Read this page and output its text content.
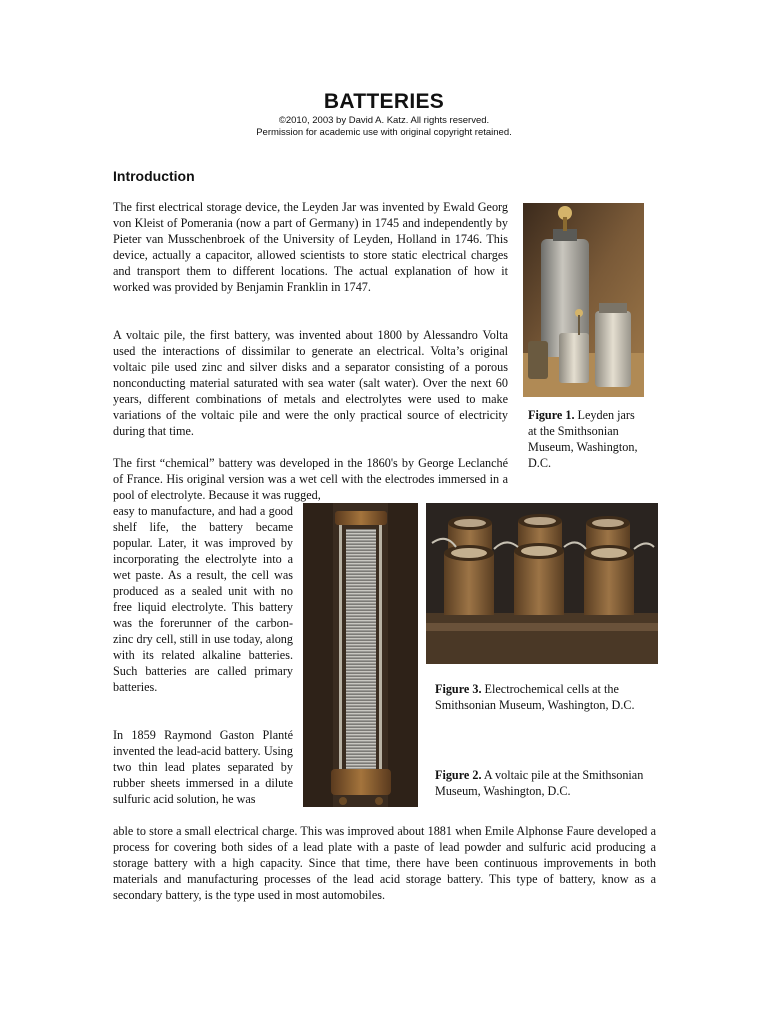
BATTERIES
©2010, 2003 by David A. Katz. All rights reserved.
Permission for academic use with original copyright retained.
Introduction

The first electrical storage device, the Leyden Jar was invented by Ewald Georg von Kleist of Pomerania (now a part of Germany) in 1745 and independently by Pieter van Musschenbroek of the University of Leyden, Holland in 1746. This device, actually a capacitor, allowed scientists to store static electrical charges and transport them to different locations. The actual explanation of how it worked was provided by Benjamin Franklin in 1747.

A voltaic pile, the first battery, was invented about 1800 by Alessandro Volta used the interactions of dissimilar to generate an electrical. Volta’s original voltaic pile used zinc and silver disks and a separator consisting of a porous nonconducting material saturated with sea water (salt water). Over the next 60 years, different combinations of metals and electrolytes were used to make variations of the voltaic pile and were the only practical source of electricity during that time.

The first “chemical” battery was developed in the 1860's by George Leclanché of France. His original version was a wet cell with the electrodes immersed in a pool of electrolyte. Because it was rugged,

easy to manufacture, and had a good shelf life, the battery became popular. Later, it was improved by incorporating the electrolyte into a wet paste. As a result, the cell was produced as a sealed unit with no free liquid electrolyte. This battery was the forerunner of the carbon-zinc dry cell, still in use today, along with its related alkaline batteries. Such batteries are called primary batteries.

In 1859 Raymond Gaston Planté invented the lead-acid battery. Using two thin lead plates separated by rubber sheets immersed in a dilute sulfuric acid solution, he was

able to store a small electrical charge. This was improved about 1881 when Emile Alphonse Faure developed a process for covering both sides of a lead plate with a paste of lead powder and sulfuric acid producing a storage battery with a high capacity. Since that time, there have been continuous improvements in both materials and manufacturing processes of the lead acid storage battery. This type of battery, know as a secondary battery, is the type used in most automobiles.

Figure 1. Leyden jars at the Smithsonian Museum, Washington, D.C.

Figure 3. Electrochemical cells at the Smithsonian Museum, Washington, D.C.

Figure 2. A voltaic pile at the Smithsonian Museum, Washington, D.C.
